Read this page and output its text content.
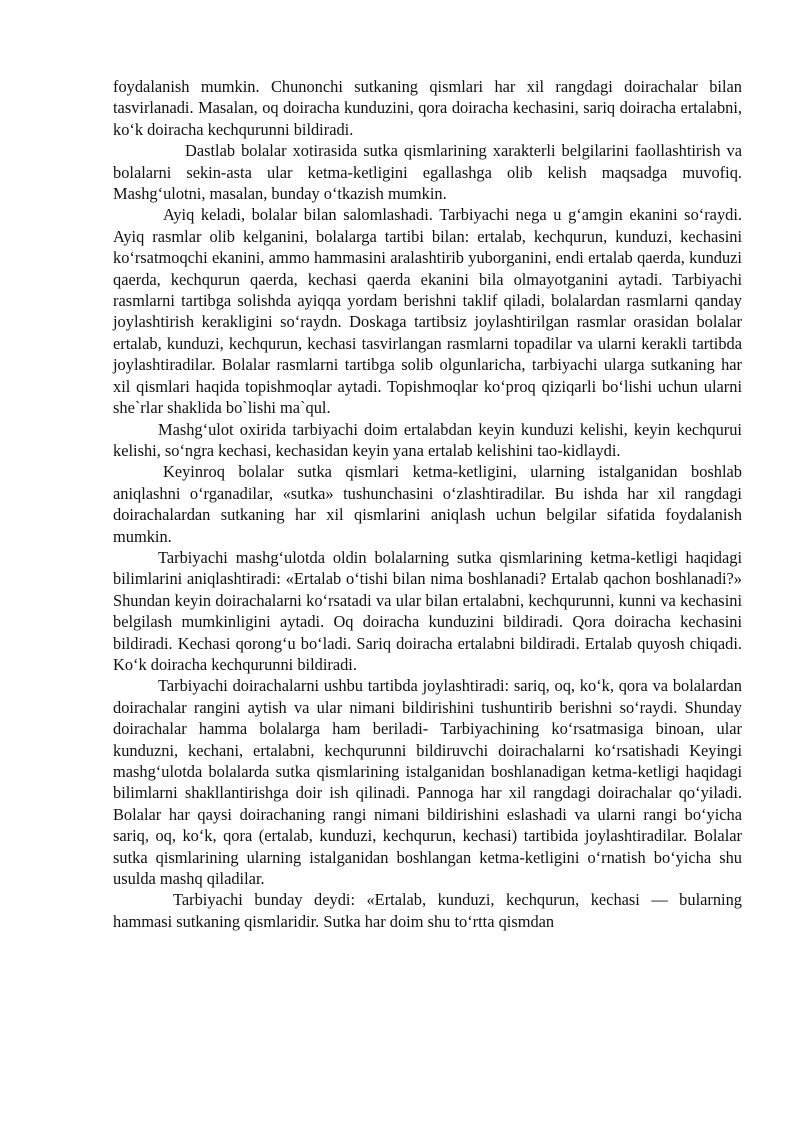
foydalanish mumkin. Chunonchi sutkaning qismlari har xil rangdagi doirachalar bilan tasvirlanadi. Masalan, oq doiracha kunduzini, qora doiracha kechasini, sariq doiracha ertalabni, ko‘k doiracha kechqurunni bildiradi.

Dastlab bolalar xotirasida sutka qismlarining xarakterli belgilarini faollashtirish va bolalarni sekin-asta ular ketma-ketligini egallashga olib kelish maqsadga muvofiq. Mashg‘ulotni, masalan, bunday o‘tkazish mumkin.

Ayiq keladi, bolalar bilan salomlashadi. Tarbiyachi nega u g‘amgin ekanini so‘raydi. Ayiq rasmlar olib kelganini, bolalarga tartibi bilan: ertalab, kechqurun, kunduzi, kechasini ko‘rsatmoqchi ekanini, ammo hammasini aralashtirib yuborganini, endi ertalab qaerda, kunduzi qaerda, kechqurun qaerda, kechasi qaerda ekanini bila olmayotganini aytadi. Tarbiyachi rasmlarni tartibga solishda ayiqqa yordam berishni taklif qiladi, bolalardan rasmlarni qanday joylashtirish kerakligini so‘raydn. Doskaga tartibsiz joylashtirilgan rasmlar orasidan bolalar ertalab, kunduzi, kechqurun, kechasi tasvirlangan rasmlarni topadilar va ularni kerakli tartibda joylashtiradilar. Bolalar rasmlarni tartibga solib olgunlaricha, tarbiyachi ularga sutkaning har xil qismlari haqida topishmoqlar aytadi. Topishmoqlar ko‘proq qiziqarli bo‘lishi uchun ularni she`rlar shaklida bo`lishi ma`qul.

Mashg‘ulot oxirida tarbiyachi doim ertalabdan keyin kunduzi kelishi, keyin kechqurui kelishi, so‘ngra kechasi, kechasidan keyin yana ertalab kelishini tao-kidlaydi.

Keyinroq bolalar sutka qismlari ketma-ketligini, ularning istalganidan boshlab aniqlashni o‘rganadilar, «sutka» tushunchasini o‘zlashtiradilar. Bu ishda har xil rangdagi doirachalardan sutkaning har xil qismlarini aniqlash uchun belgilar sifatida foydalanish mumkin.

Tarbiyachi mashg‘ulotda oldin bolalarning sutka qismlarining ketma-ketligi haqidagi bilimlarini aniqlashtiradi: «Ertalab o‘tishi bilan nima boshlanadi? Ertalab qachon boshlanadi?» Shundan keyin doirachalarni ko‘rsatadi va ular bilan ertalabni, kechqurunni, kunni va kechasini belgilash mumkinligini aytadi. Oq doiracha kunduzini bildiradi. Qora doiracha kechasini bildiradi. Kechasi qorong‘u bo‘ladi. Sariq doiracha ertalabni bildiradi. Ertalab quyosh chiqadi. Ko‘k doiracha kechqurunni bildiradi.

Tarbiyachi doirachalarni ushbu tartibda joylashtiradi: sariq, oq, ko‘k, qora va bolalardan doirachalar rangini aytish va ular nimani bildirishini tushuntirib berishni so‘raydi. Shunday doirachalar hamma bolalarga ham beriladi- Tarbiyachining ko‘rsatmasiga binoan, ular kunduzni, kechani, ertalabni, kechqurunni bildiruvchi doirachalarni ko‘rsatishadi Keyingi mashg‘ulotda bolalarda sutka qismlarining istalganidan boshlanadigan ketma-ketligi haqidagi bilimlarni shakllantirishga doir ish qilinadi. Pannoga har xil rangdagi doirachalar qo‘yiladi. Bolalar har qaysi doirachaning rangi nimani bildirishini eslashadi va ularni rangi bo‘yicha sariq, oq, ko‘k, qora (ertalab, kunduzi, kechqurun, kechasi) tartibida joylashtiradilar. Bolalar sutka qismlarining ularning istalganidan boshlangan ketma-ketligini o‘rnatish bo‘yicha shu usulda mashq qiladilar.

Tarbiyachi bunday deydi: «Ertalab, kunduzi, kechqurun, kechasi — bularning hammasi sutkaning qismlaridir. Sutka har doim shu to‘rtta qismdan
